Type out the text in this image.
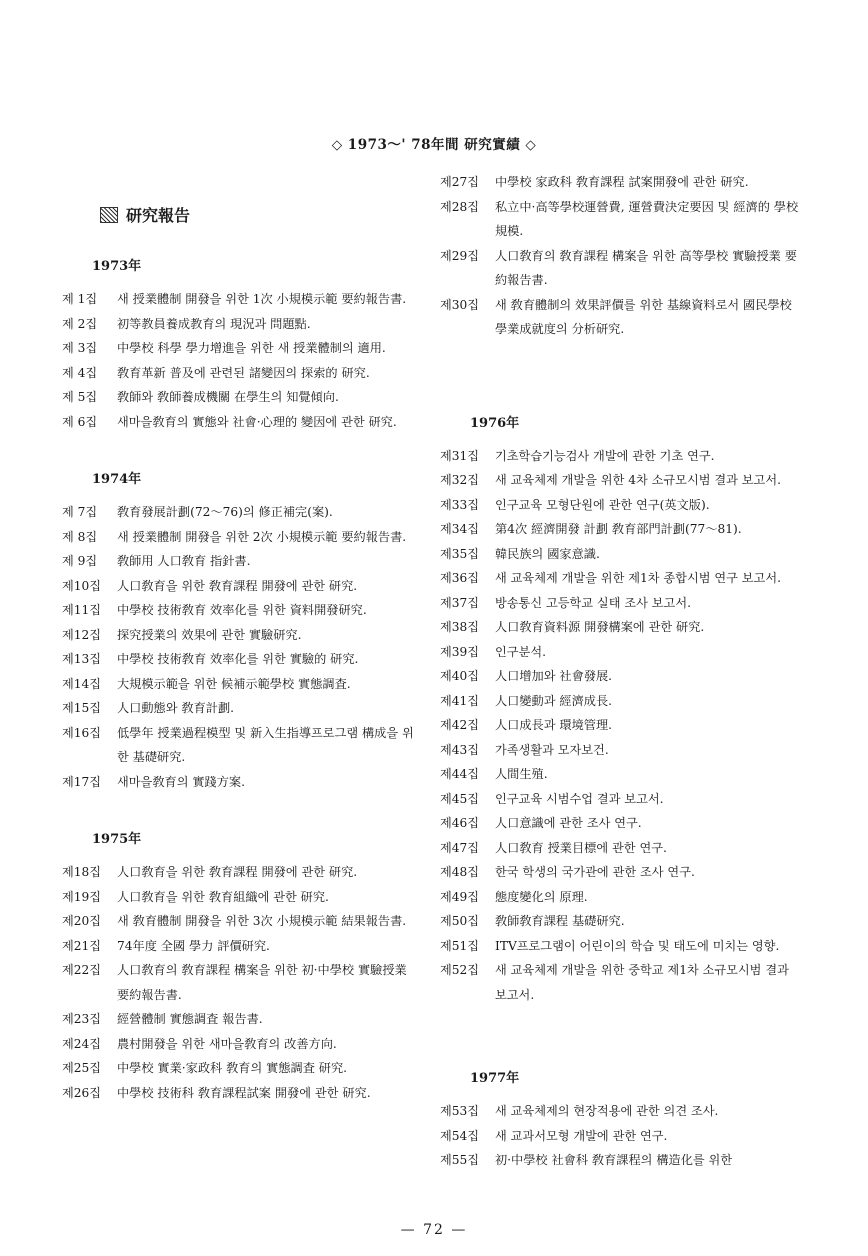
◇ 1973〜' 78年間 研究實績 ◇
研究報告

1973年

제 1집	새 授業體制 開發을 위한 1次 小規模示範 要約報告書.
제 2집	初等教員養成教育의 現況과 問題點.
제 3집	中學校 科學 學力增進을 위한 새 授業體制의 適用.
제 4집	敎育革新 普及에 관련된 諸變因의 探索的 研究.
제 5집	敎師와 敎師養成機關 在學生의 知覺傾向.
제 6집	새마을敎育의 實態와 社會·心理的 變因에 관한 研究.

1974年

제 7집	敎育發展計劃(72〜76)의 修正補完(案).
제 8집	새 授業體制 開發을 위한 2次 小規模示範 要約報告書.
제 9집	敎師用 人口敎育 指針書.
제10집	人口敎育을 위한 敎育課程 開發에 관한 研究.
제11집	中學校 技術敎育 效率化를 위한 資料開發研究.
제12집	探究授業의 效果에 관한 實驗研究.
제13집	中學校 技術敎育 效率化를 위한 實驗的 研究.
제14집	大規模示範을 위한 候補示範學校 實態調査.
제15집	人口動態와 敎育計劃.
제16집	低學年 授業過程模型 및 新入生指導프로그램 構成을 위한 基礎研究.
제17집	새마을敎育의 實踐方案.

1975年

제18집	人口敎育을 위한 敎育課程 開發에 관한 研究.
제19집	人口敎育을 위한 敎育組織에 관한 研究.
제20집	새 敎育體制 開發을 위한 3次 小規模示範 結果報告書.
제21집	74年度 全國 學力 評價研究.
제22집	人口敎育의 敎育課程 構案을 위한 初·中學校 實驗授業 要約報告書.
제23집	經營體制 實態調査 報告書.
제24집	農村開發을 위한 새마을敎育의 改善方向.
제25집	中學校 實業·家政科 敎育의 實態調査 研究.
제26집	中學校 技術科 敎育課程試案 開發에 관한 研究.
제27집	中學校 家政科 敎育課程 試案開發에 관한 研究.
제28집	私立中·高等學校運營費, 運營費決定要因 및 經濟的 學校規模.
제29집	人口敎育의 敎育課程 構案을 위한 高等學校 實驗授業 要約報告書.
제30집	새 敎育體制의 效果評價를 위한 基線資料로서 國民學校 學業成就度의 分析研究.

1976年

제31집	기초학습기능검사 개발에 관한 기초 연구.
제32집	새 교육체제 개발을 위한 4차 소규모시범 결과 보고서.
제33집	인구교육 모형단원에 관한 연구(英文版).
제34집	第4次 經濟開發 計劃 敎育部門計劃(77〜81).
제35집	韓民族의 國家意識.
제36집	새 교육체제 개발을 위한 제1차 종합시범 연구 보고서.
제37집	방송통신 고등학교 실태 조사 보고서.
제38집	人口敎育資料源 開發構案에 관한 研究.
제39집	인구분석.
제40집	人口增加와 社會發展.
제41집	人口變動과 經濟成長.
제42집	人口成長과 環境管理.
제43집	가족생활과 모자보건.
제44집	人間生殖.
제45집	인구교육 시범수업 결과 보고서.
제46집	人口意識에 관한 조사 연구.
제47집	人口敎育 授業目標에 관한 연구.
제48집	한국 학생의 국가관에 관한 조사 연구.
제49집	態度變化의 原理.
제50집	敎師敎育課程 基礎研究.
제51집	ITV프로그램이 어린이의 학습 및 태도에 미치는 영향.
제52집	새 교육체제 개발을 위한 중학교 제1차 소규모시범 결과 보고서.

1977年

제53집	새 교육체제의 현장적용에 관한 의견 조사.
제54집	새 교과서모형 개발에 관한 연구.
제55집	初·中學校 社會科 敎育課程의 構造化를 위한
— 72 —
